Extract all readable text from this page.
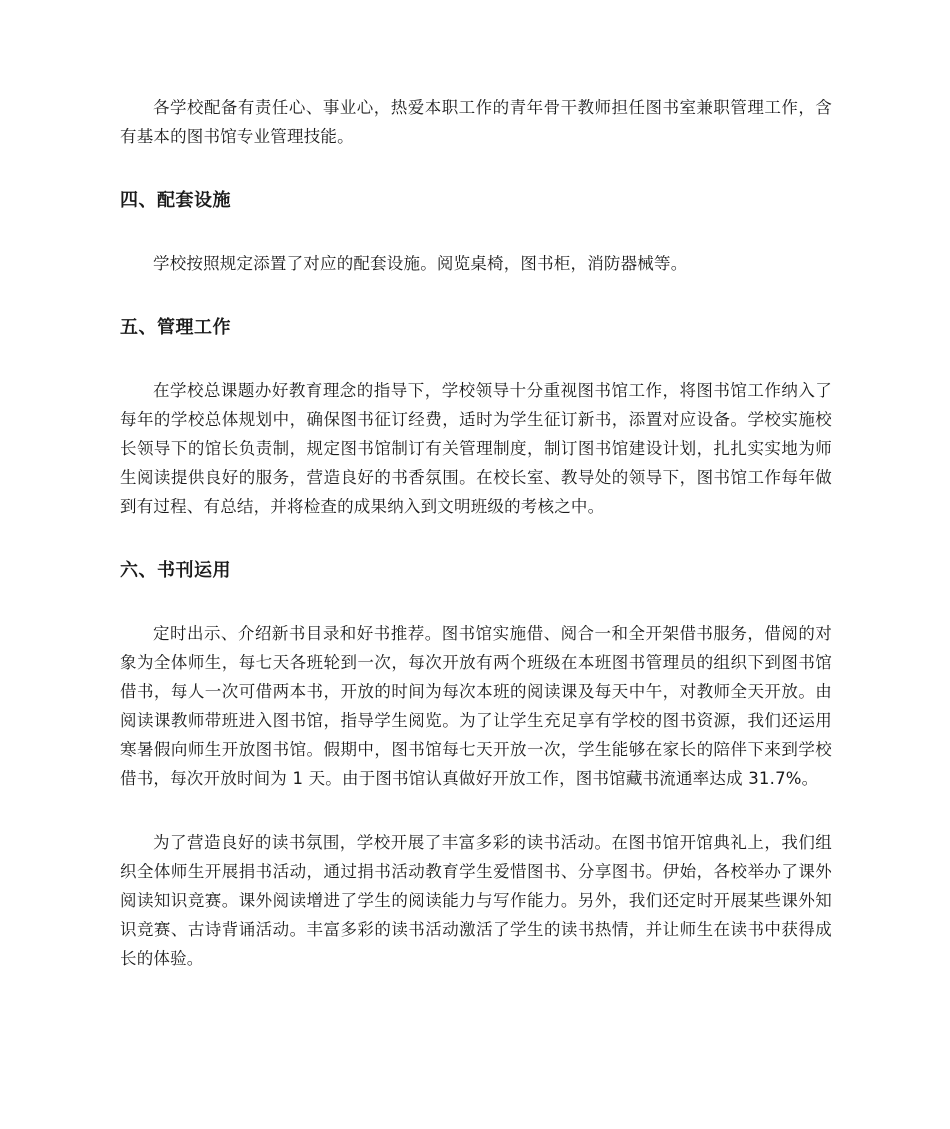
各学校配备有责任心、事业心，热爱本职工作的青年骨干教师担任图书室兼职管理工作，含有基本的图书馆专业管理技能。

四、配套设施

学校按照规定添置了对应的配套设施。阅览桌椅，图书柜，消防器械等。

五、管理工作

在学校总课题办好教育理念的指导下，学校领导十分重视图书馆工作，将图书馆工作纳入了每年的学校总体规划中，确保图书征订经费，适时为学生征订新书，添置对应设备。学校实施校长领导下的馆长负责制，规定图书馆制订有关管理制度，制订图书馆建设计划，扎扎实实地为师生阅读提供良好的服务，营造良好的书香氛围。在校长室、教导处的领导下，图书馆工作每年做到有过程、有总结，并将检查的成果纳入到文明班级的考核之中。

六、书刊运用

定时出示、介绍新书目录和好书推荐。图书馆实施借、阅合一和全开架借书服务，借阅的对象为全体师生，每七天各班轮到一次，每次开放有两个班级在本班图书管理员的组织下到图书馆借书，每人一次可借两本书，开放的时间为每次本班的阅读课及每天中午，对教师全天开放。由阅读课教师带班进入图书馆，指导学生阅览。为了让学生充足享有学校的图书资源，我们还运用寒暑假向师生开放图书馆。假期中，图书馆每七天开放一次，学生能够在家长的陪伴下来到学校借书，每次开放时间为 1 天。由于图书馆认真做好开放工作，图书馆藏书流通率达成 31.7%。

为了营造良好的读书氛围，学校开展了丰富多彩的读书活动。在图书馆开馆典礼上，我们组织全体师生开展捐书活动，通过捐书活动教育学生爱惜图书、分享图书。伊始，各校举办了课外阅读知识竞赛。课外阅读增进了学生的阅读能力与写作能力。另外，我们还定时开展某些课外知识竞赛、古诗背诵活动。丰富多彩的读书活动激活了学生的读书热情，并让师生在读书中获得成长的体验。
